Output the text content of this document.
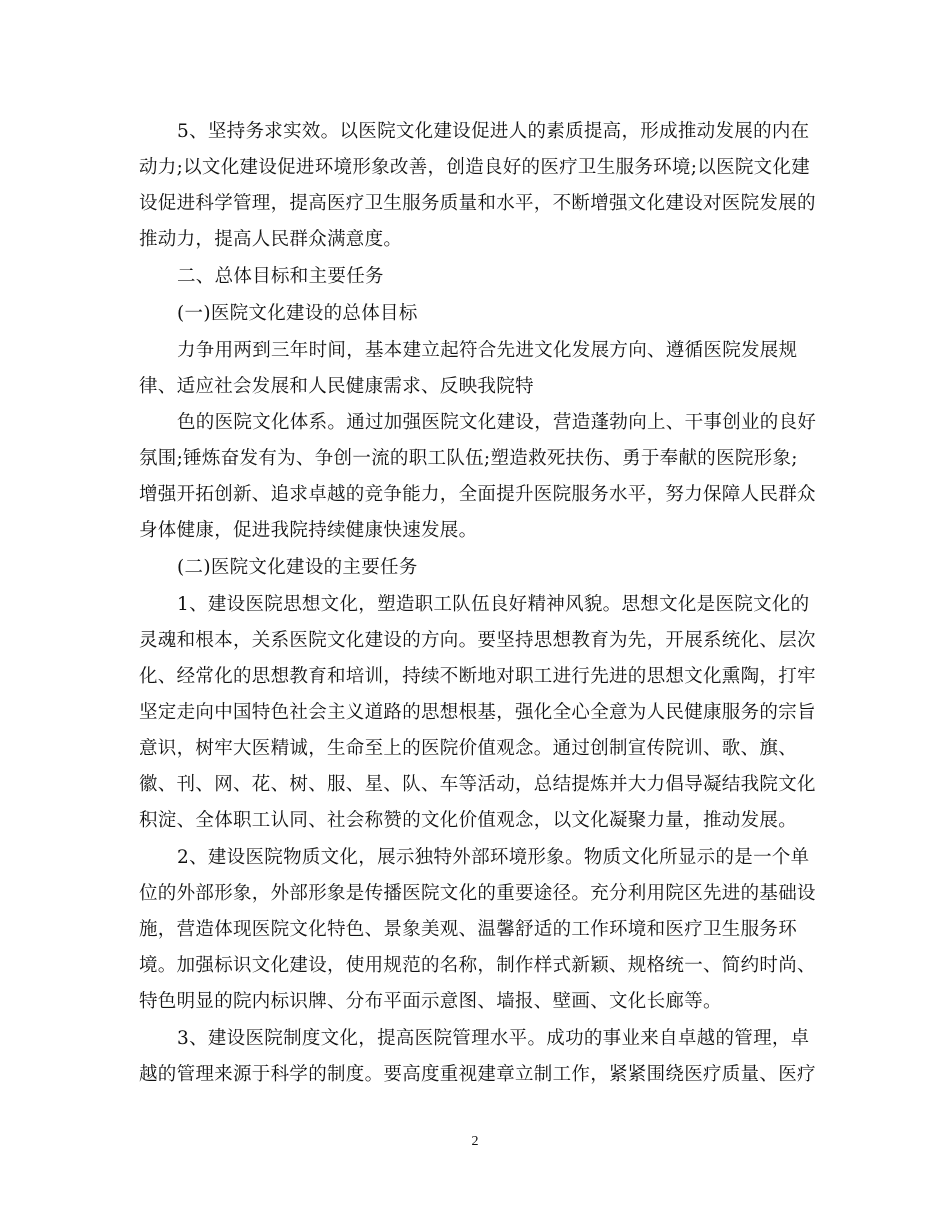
5、坚持务求实效。以医院文化建设促进人的素质提高，形成推动发展的内在
动力;以文化建设促进环境形象改善，创造良好的医疗卫生服务环境;以医院文化建
设促进科学管理，提高医疗卫生服务质量和水平，不断增强文化建设对医院发展的
推动力，提高人民群众满意度。
二、总体目标和主要任务
(一)医院文化建设的总体目标
力争用两到三年时间，基本建立起符合先进文化发展方向、遵循医院发展规
律、适应社会发展和人民健康需求、反映我院特
色的医院文化体系。通过加强医院文化建设，营造蓬勃向上、干事创业的良好
氛围;锤炼奋发有为、争创一流的职工队伍;塑造救死扶伤、勇于奉献的医院形象;
增强开拓创新、追求卓越的竞争能力，全面提升医院服务水平，努力保障人民群众
身体健康，促进我院持续健康快速发展。
(二)医院文化建设的主要任务
1、建设医院思想文化，塑造职工队伍良好精神风貌。思想文化是医院文化的
灵魂和根本，关系医院文化建设的方向。要坚持思想教育为先，开展系统化、层次
化、经常化的思想教育和培训，持续不断地对职工进行先进的思想文化熏陶，打牢
坚定走向中国特色社会主义道路的思想根基，强化全心全意为人民健康服务的宗旨
意识，树牢大医精诚，生命至上的医院价值观念。通过创制宣传院训、歌、旗、
徽、刊、网、花、树、服、星、队、车等活动，总结提炼并大力倡导凝结我院文化
积淀、全体职工认同、社会称赞的文化价值观念，以文化凝聚力量，推动发展。
2、建设医院物质文化，展示独特外部环境形象。物质文化所显示的是一个单
位的外部形象，外部形象是传播医院文化的重要途径。充分利用院区先进的基础设
施，营造体现医院文化特色、景象美观、温馨舒适的工作环境和医疗卫生服务环
境。加强标识文化建设，使用规范的名称，制作样式新颖、规格统一、简约时尚、
特色明显的院内标识牌、分布平面示意图、墙报、壁画、文化长廊等。
3、建设医院制度文化，提高医院管理水平。成功的事业来自卓越的管理，卓
越的管理来源于科学的制度。要高度重视建章立制工作，紧紧围绕医疗质量、医疗
2
